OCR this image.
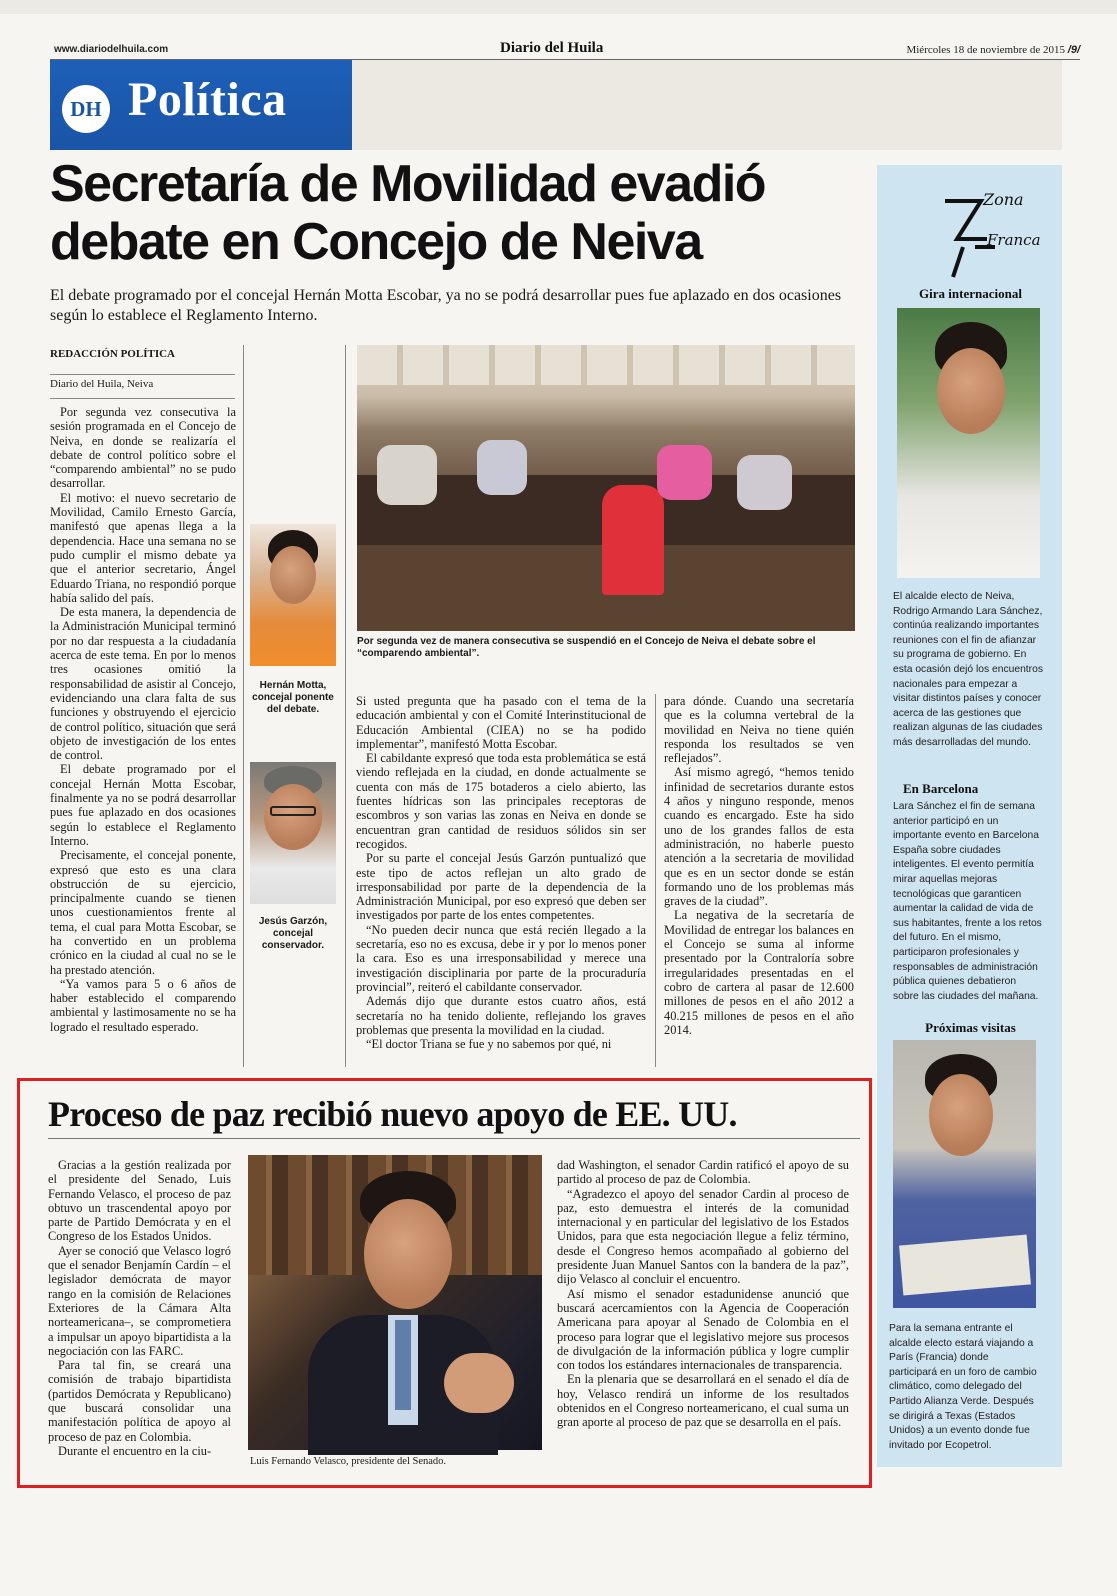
www.diariodelhuila.com	Diario del Huila	Miércoles 18 de noviembre de 2015 /9/
DH Política
Secretaría de Movilidad evadió
debate en Concejo de Neiva
El debate programado por el concejal Hernán Motta Escobar, ya no se podrá desarrollar pues fue aplazado en dos ocasiones según lo establece el Reglamento Interno.
REDACCIÓN POLÍTICA
Diario del Huila, Neiva

Por segunda vez consecutiva la sesión programada en el Concejo de Neiva, en donde se realizaría el debate de control político sobre el “comparendo ambiental” no se pudo desarrollar.

El motivo: el nuevo secretario de Movilidad, Camilo Ernesto García, manifestó que apenas llega a la dependencia. Hace una semana no se pudo cumplir el mismo debate ya que el anterior secretario, Ángel Eduardo Triana, no respondió porque había salido del país.

De esta manera, la dependencia de la Administración Municipal terminó por no dar respuesta a la ciudadanía acerca de este tema. En por lo menos tres ocasiones omitió la responsabilidad de asistir al Concejo, evidenciando una clara falta de sus funciones y obstruyendo el ejercicio de control político, situación que será objeto de investigación de los entes de control.

El debate programado por el concejal Hernán Motta Escobar, finalmente ya no se podrá desarrollar pues fue aplazado en dos ocasiones según lo establece el Reglamento Interno.

Precisamente, el concejal ponente, expresó que esto es una clara obstrucción de su ejercicio, principalmente cuando se tienen unos cuestionamientos frente al tema, el cual para Motta Escobar, se ha convertido en un problema crónico en la ciudad al cual no se le ha prestado atención.

“Ya vamos para 5 o 6 años de haber establecido el comparendo ambiental y lastimosamente no se ha logrado el resultado esperado.

Hernán Motta, concejal ponente del debate.
Jesús Garzón, concejal conservador.
Por segunda vez de manera consecutiva se suspendió en el Concejo de Neiva el debate sobre el “comparendo ambiental”.

Si usted pregunta que ha pasado con el tema de la educación ambiental y con el Comité Interinstitucional de Educación Ambiental (CIEA) no se ha podido implementar”, manifestó Motta Escobar.

El cabildante expresó que toda esta problemática se está viendo reflejada en la ciudad, en donde actualmente se cuenta con más de 175 botaderos a cielo abierto, las fuentes hídricas son las principales receptoras de escombros y son varias las zonas en Neiva en donde se encuentran gran cantidad de residuos sólidos sin ser recogidos.

Por su parte el concejal Jesús Garzón puntualizó que este tipo de actos reflejan un alto grado de irresponsabilidad por parte de la dependencia de la Administración Municipal, por eso expresó que deben ser investigados por parte de los entes competentes.

“No pueden decir nunca que está recién llegado a la secretaría, eso no es excusa, debe ir y por lo menos poner la cara. Eso es una irresponsabilidad y merece una investigación disciplinaria por parte de la procuraduría provincial”, reiteró el cabildante conservador.

Además dijo que durante estos cuatro años, está secretaría no ha tenido doliente, reflejando los graves problemas que presenta la movilidad en la ciudad.

“El doctor Triana se fue y no sabemos por qué, ni

para dónde. Cuando una secretaría que es la columna vertebral de la movilidad en Neiva no tiene quién responda los resultados se ven reflejados”.

Así mismo agregó, “hemos tenido infinidad de secretarios durante estos 4 años y ninguno responde, menos cuando es encargado. Este ha sido uno de los grandes fallos de esta administración, no haberle puesto atención a la secretaria de movilidad que es en un sector donde se están formando uno de los problemas más graves de la ciudad”.

La negativa de la secretaría de Movilidad de entregar los balances en el Concejo se suma al informe presentado por la Contraloría sobre irregularidades presentadas en el cobro de cartera al pasar de 12.600 millones de pesos en el año 2012 a 40.215 millones de pesos en el año 2014.

Zona
Franca
Gira internacional
El alcalde electo de Neiva, Rodrigo Armando Lara Sánchez, continúa realizando importantes reuniones con el fin de afianzar su programa de gobierno. En esta ocasión dejó los encuentros nacionales para empezar a visitar distintos países y conocer acerca de las gestiones que realizan algunas de las ciudades más desarrolladas del mundo.
En Barcelona
Lara Sánchez el fin de semana anterior participó en un importante evento en Barcelona España sobre ciudades inteligentes. El evento permitía mirar aquellas mejoras tecnológicas que garanticen aumentar la calidad de vida de sus habitantes, frente a los retos del futuro. En el mismo, participaron profesionales y responsables de administración pública quienes debatieron sobre las ciudades del mañana.
Próximas visitas
Para la semana entrante el alcalde electo estará viajando a París (Francia) donde participará en un foro de cambio climático, como delegado del Partido Alianza Verde. Después se dirigirá a Texas (Estados Unidos) a un evento donde fue invitado por Ecopetrol.
Proceso de paz recibió nuevo apoyo de EE. UU.

Gracias a la gestión realizada por el presidente del Senado, Luis Fernando Velasco, el proceso de paz obtuvo un trascendental apoyo por parte de Partido Demócrata y en el Congreso de los Estados Unidos.

Ayer se conoció que Velasco logró que el senador Benjamín Cardín – el legislador demócrata de mayor rango en la comisión de Relaciones Exteriores de la Cámara Alta norteamericana–, se comprometiera a impulsar un apoyo bipartidista a la negociación con las FARC.

Para tal fin, se creará una comisión de trabajo bipartidista (partidos Demócrata y Republicano) que buscará consolidar una manifestación política de apoyo al proceso de paz en Colombia.

Durante el encuentro en la ciu-

Luis Fernando Velasco, presidente del Senado.

dad Washington, el senador Cardin ratificó el apoyo de su partido al proceso de paz de Colombia.

“Agradezco el apoyo del senador Cardin al proceso de paz, esto demuestra el interés de la comunidad internacional y en particular del legislativo de los Estados Unidos, para que esta negociación llegue a feliz término, desde el Congreso hemos acompañado al gobierno del presidente Juan Manuel Santos con la bandera de la paz”, dijo Velasco al concluir el encuentro.

Así mismo el senador estadunidense anunció que buscará acercamientos con la Agencia de Cooperación Americana para apoyar al Senado de Colombia en el proceso para lograr que el legislativo mejore sus procesos de divulgación de la información pública y logre cumplir con todos los estándares internacionales de transparencia.

En la plenaria que se desarrollará en el senado el día de hoy, Velasco rendirá un informe de los resultados obtenidos en el Congreso norteamericano, el cual suma un gran aporte al proceso de paz que se desarrolla en el país.
